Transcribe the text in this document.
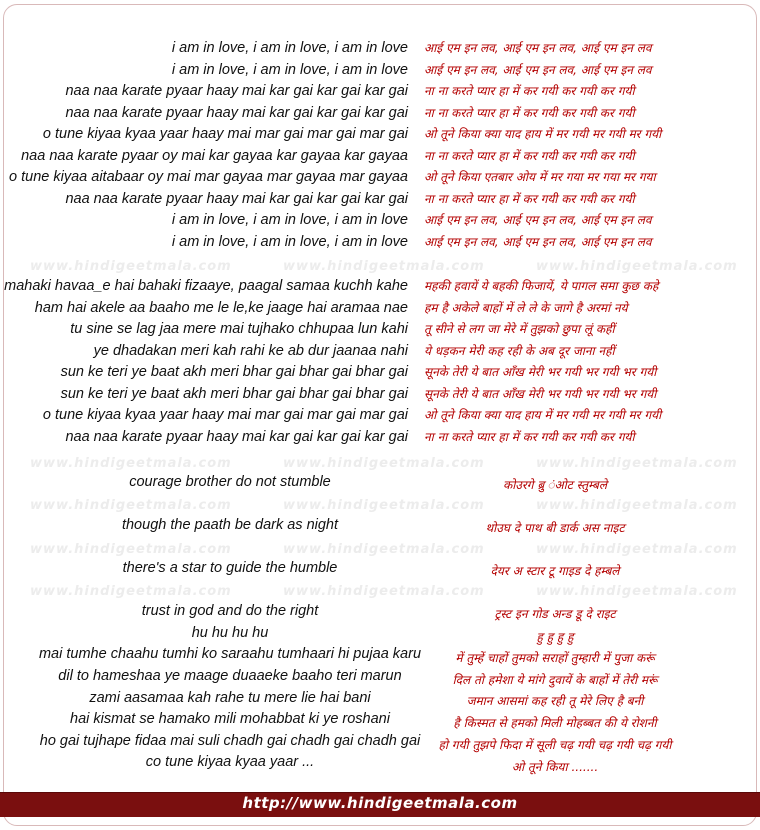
www.hindigeetmala.com	www.hindigeetmala.com	www.hindigeetmala.com
www.hindigeetmala.com	www.hindigeetmala.com	www.hindigeetmala.com
www.hindigeetmala.com	www.hindigeetmala.com	www.hindigeetmala.com
www.hindigeetmala.com	www.hindigeetmala.com	www.hindigeetmala.com
www.hindigeetmala.com	www.hindigeetmala.com	www.hindigeetmala.com
i am in love, i am in love, i am in love आई एम इन लव, आई एम इन लव, आई एम इन लव
i am in love, i am in love, i am in love आई एम इन लव, आई एम इन लव, आई एम इन लव
naa naa karate pyaar haay mai kar gai kar gai kar gai ना ना करते प्यार हा में कर गयी कर गयी कर गयी
naa naa karate pyaar haay mai kar gai kar gai kar gai ना ना करते प्यार हा में कर गयी कर गयी कर गयी
o tune kiyaa kyaa yaar haay mai mar gai mar gai mar gai ओ तूने किया क्या याद हाय में मर गयी मर गयी मर गयी
naa naa karate pyaar oy mai kar gayaa kar gayaa kar gayaa ना ना करते प्यार हा में कर गयी कर गयी कर गयी
o tune kiyaa aitabaar oy mai mar gayaa mar gayaa mar gayaa ओ तूने किया एतबार ओय में मर गया मर गया मर गया
naa naa karate pyaar haay mai kar gai kar gai kar gai ना ना करते प्यार हा में कर गयी कर गयी कर गयी
i am in love, i am in love, i am in love आई एम इन लव, आई एम इन लव, आई एम इन लव
i am in love, i am in love, i am in love आई एम इन लव, आई एम इन लव, आई एम इन लव
mahaki havaa_e hai bahaki fizaaye, paagal samaa kuchh kahe महकी हवायें ये बहकी फिजायें, ये पागल समा कुछ कहे
ham hai akele aa baaho me le le,ke jaage hai aramaa nae हम है अकेले बाहों में ले ले के जागे है अरमां नये
tu sine se lag jaa mere mai tujhako chhupaa lun kahi तू सीने से लग जा मेरे में तुझको छुपा लूं कहीं
ye dhadakan meri kah rahi ke ab dur jaanaa nahi ये धड़कन मेरी कह रही के अब दूर जाना नहीं
sun ke teri ye baat akh meri bhar gai bhar gai bhar gai सूनके तेरी ये बात आँख मेरी भर गयी भर गयी भर गयी
sun ke teri ye baat akh meri bhar gai bhar gai bhar gai सूनके तेरी ये बात आँख मेरी भर गयी भर गयी भर गयी
o tune kiyaa kyaa yaar haay mai mar gai mar gai mar gai ओ तूने किया क्या याद हाय में मर गयी मर गयी मर गयी
naa naa karate pyaar haay mai kar gai kar gai kar gai ना ना करते प्यार हा में कर गयी कर गयी कर गयी
courage brother do not stumble	कोउरगे ब्रु ंओट स्तुम्बले
though the paath be dark as night	थोउघ दे पाथ बी डार्क अस नाइट
there's a star to guide the humble	देयर अ स्टार टू गाइड दे हम्बले
trust in god and do the right	ट्रस्ट इन गोड अन्ड डू दे राइट
hu hu hu hu	हु हु हु हु
mai tumhe chaahu tumhi ko saraahu tumhaari hi pujaa karu	में तुम्हें चाहों तुमको सराहों तुम्हारी में पुजा करूं
dil to hameshaa ye maage duaaeke baaho teri marun	दिल तो हमेशा ये मांगे दुवायें के बाहों में तेरी मरूं
zami aasamaa kah rahe tu mere lie hai bani	जमान आसमां कह रही तू मेरे लिए है बनी
hai kismat se hamako mili mohabbat ki ye roshani	है किस्मत से हमको मिली मोहब्बत की ये रोशनी
ho gai tujhape fidaa mai suli chadh gai chadh gai chadh gai	हो गयी तुझपे फिदा में सूली चढ़ गयी चढ़ गयी चढ़ गयी
co tune kiyaa kyaa yaar ...	ओ तूने किया .......
http://www.hindigeetmala.com
